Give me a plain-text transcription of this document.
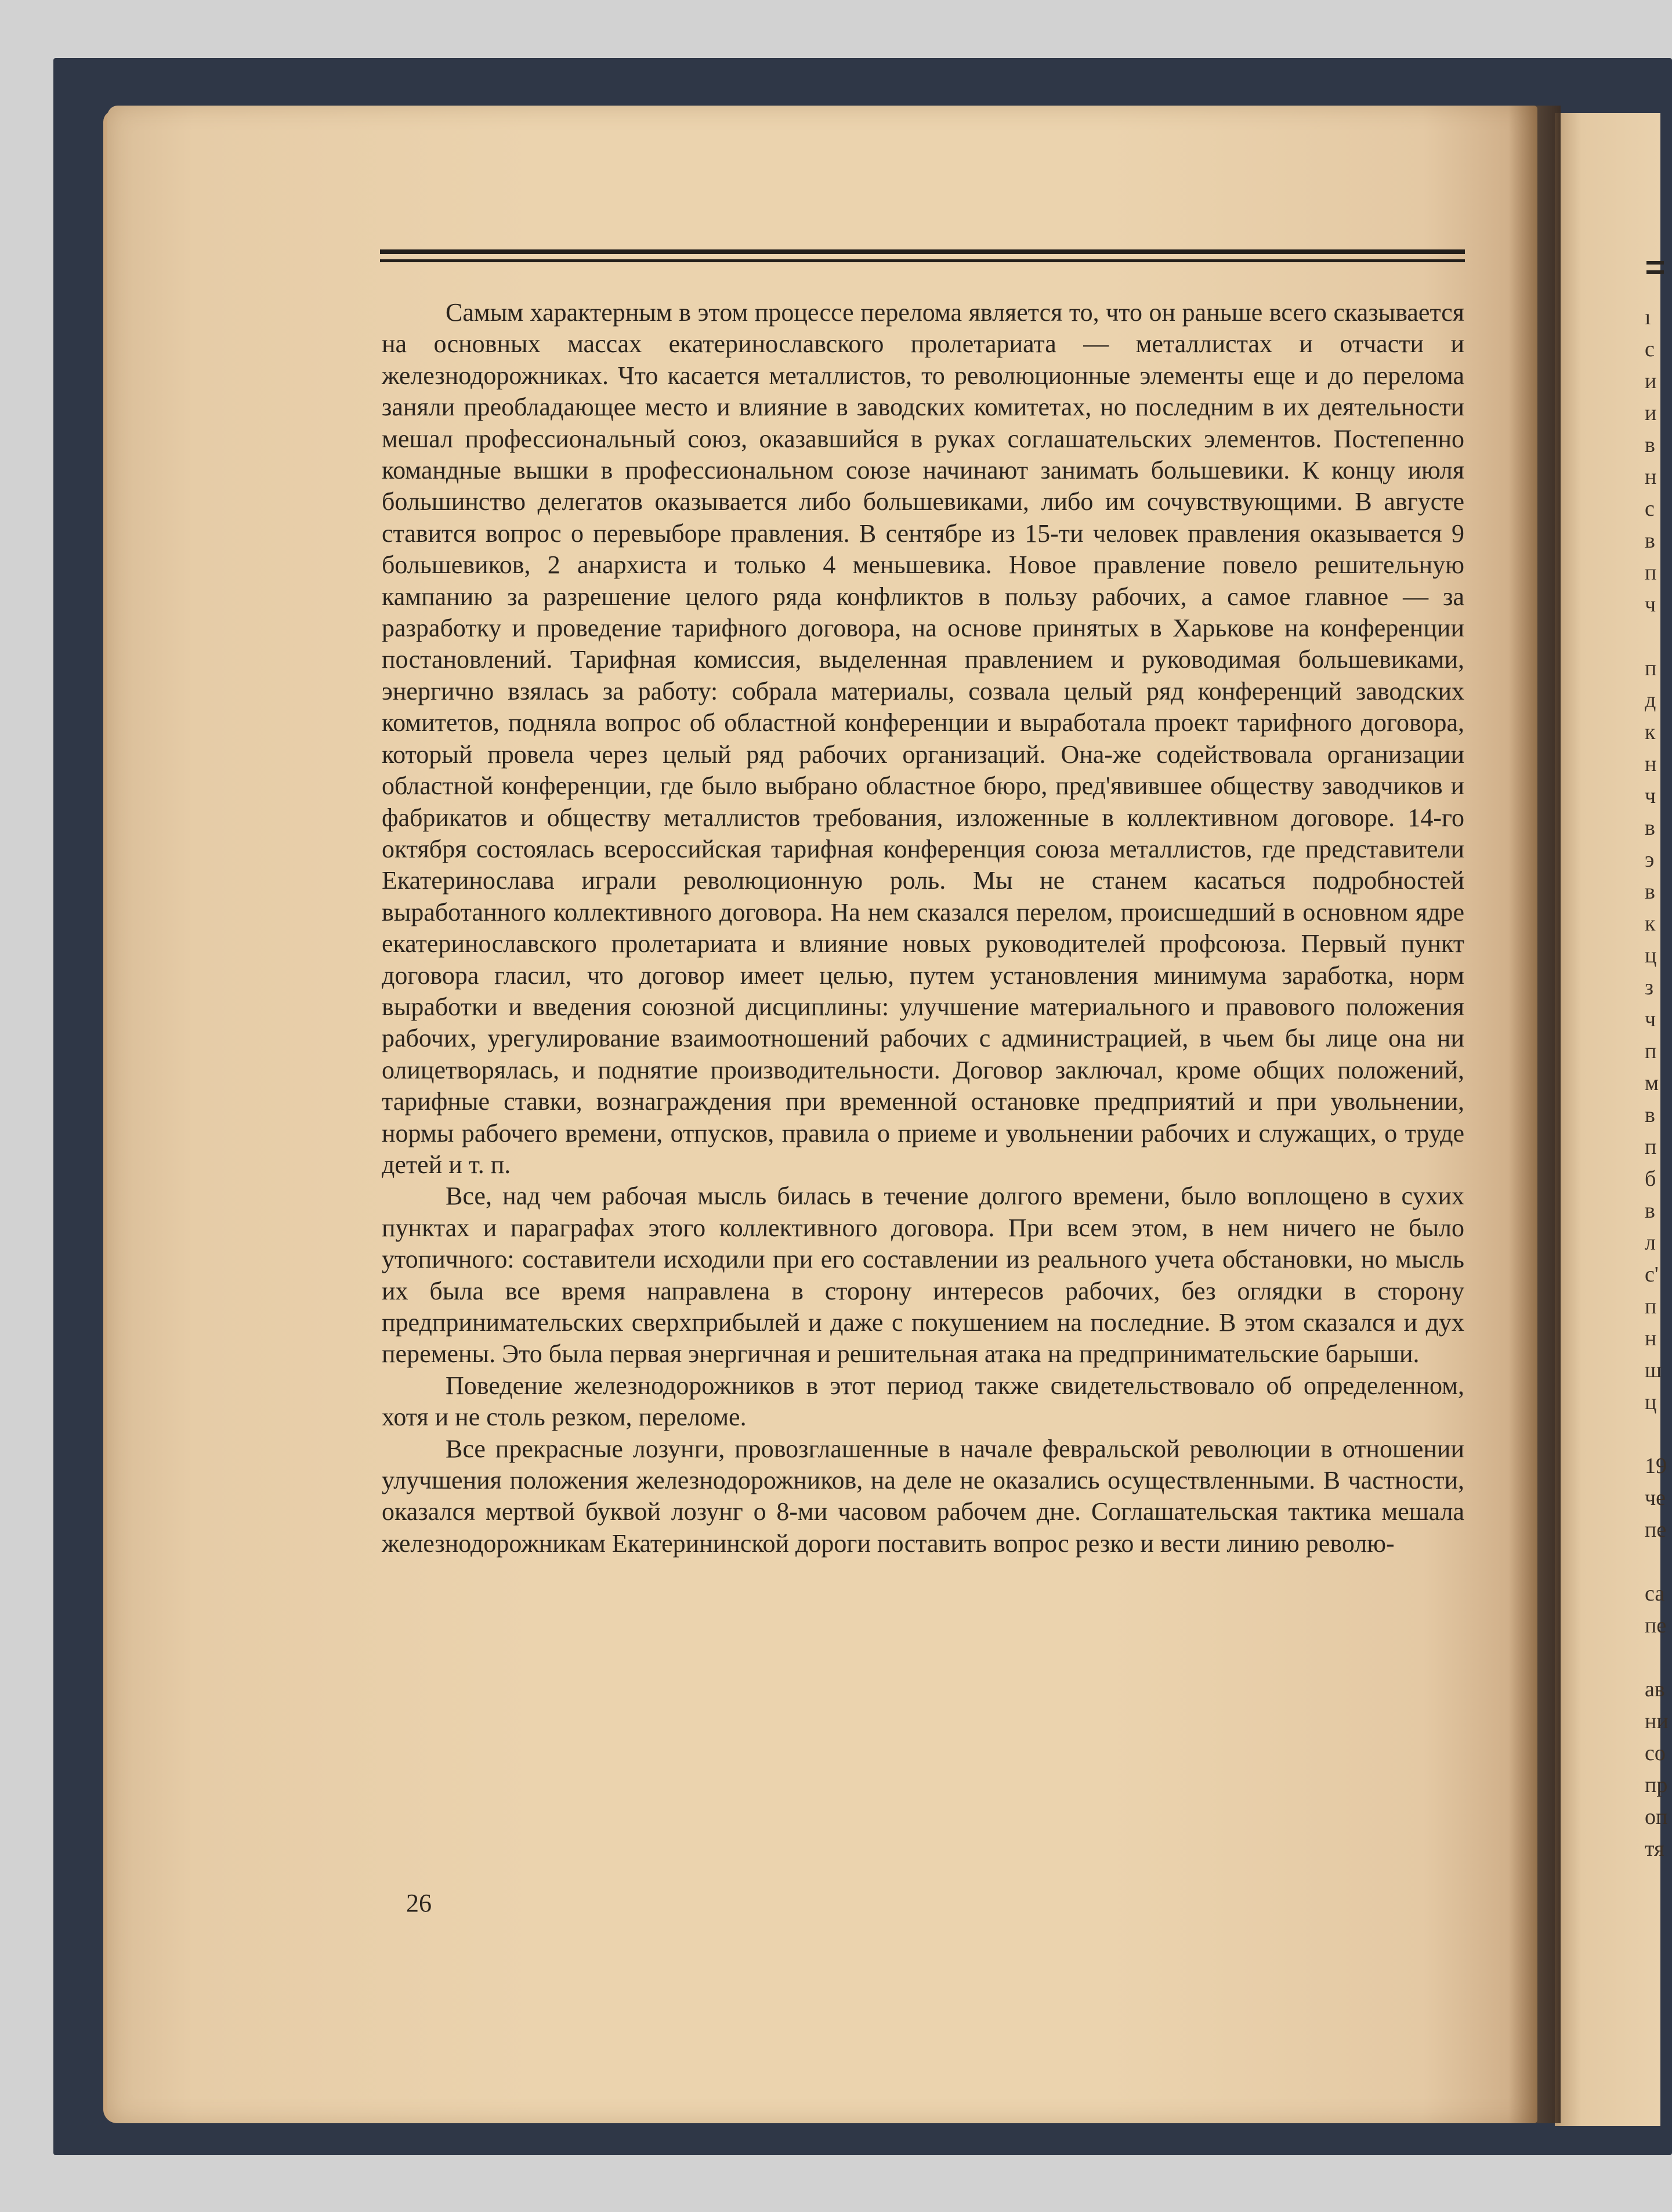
ı
с
и
и
в
н
с
в
п
ч

п
д
к
н
ч
в
э
в
к
ц
з
ч
п
м
в
п
б
в
л
с'
п
н
ш
ц

19
че
пе

са
пе

ав
ни
со
пр
оп
тя

Самым характерным в этом процессе перелома является то, что он раньше всего сказывается на основных массах екатеринославского пролетариата — металлистах и отчасти и железнодорожниках. Что касается металлистов, то революционные элементы еще и до перелома заняли преобладающее место и влияние в заводских комитетах, но последним в их деятельности мешал профессиональный союз, оказавшийся в руках соглашательских элементов. Постепенно командные вышки в профессиональном союзе начинают занимать большевики. К концу июля большинство делегатов оказывается либо большевиками, либо им сочувствующими. В августе ставится вопрос о перевыборе правления. В сентябре из 15-ти человек правления оказывается 9 большевиков, 2 анархиста и только 4 меньшевика. Новое правление повело решительную кампанию за разрешение целого ряда конфликтов в пользу рабочих, а самое главное — за разработку и проведение тарифного договора, на основе принятых в Харькове на конференции постановлений. Тарифная комиссия, выделенная правлением и руководимая большевиками, энергично взялась за работу: собрала материалы, созвала целый ряд конференций заводских комитетов, подняла вопрос об областной конференции и выработала проект тарифного договора, который провела через целый ряд рабочих организаций. Она-же содействовала организации областной конференции, где было выбрано областное бюро, пред'явившее обществу заводчиков и фабрикатов и обществу металлистов требования, изложенные в коллективном договоре. 14-го октября состоялась всероссийская тарифная конференция союза металлистов, где представители Екатеринослава играли революционную роль. Мы не станем касаться подробностей выработанного коллективного договора. На нем сказался перелом, происшедший в основном ядре екатеринославского пролетариата и влияние новых руководителей профсоюза. Первый пункт договора гласил, что договор имеет целью, путем установления минимума заработка, норм выработки и введения союзной дисциплины: улучшение материального и правового положения рабочих, урегулирование взаимоотношений рабочих с администрацией, в чьем бы лице она ни олицетворялась, и поднятие производительности. Договор заключал, кроме общих положений, тарифные ставки, вознаграждения при временной остановке предприятий и при увольнении, нормы рабочего времени, отпусков, правила о приеме и увольнении рабочих и служащих, о труде детей и т. п.

Все, над чем рабочая мысль билась в течение долгого времени, было воплощено в сухих пунктах и параграфах этого коллективного договора. При всем этом, в нем ничего не было утопичного: составители исходили при его составлении из реального учета обстановки, но мысль их была все время направлена в сторону интересов рабочих, без оглядки в сторону предпринимательских сверхприбылей и даже с покушением на последние. В этом сказался и дух перемены. Это была первая энергичная и решительная атака на предпринимательские барыши.

Поведение железнодорожников в этот период также свидетельствовало об определенном, хотя и не столь резком, переломе.

Все прекрасные лозунги, провозглашенные в начале февральской революции в отношении улучшения положения железнодорожников, на деле не оказались осуществленными. В частности, оказался мертвой буквой лозунг о 8-ми часовом рабочем дне. Соглашательская тактика мешала железнодорожникам Екатерининской дороги поставить вопрос резко и вести линию револю-

26
